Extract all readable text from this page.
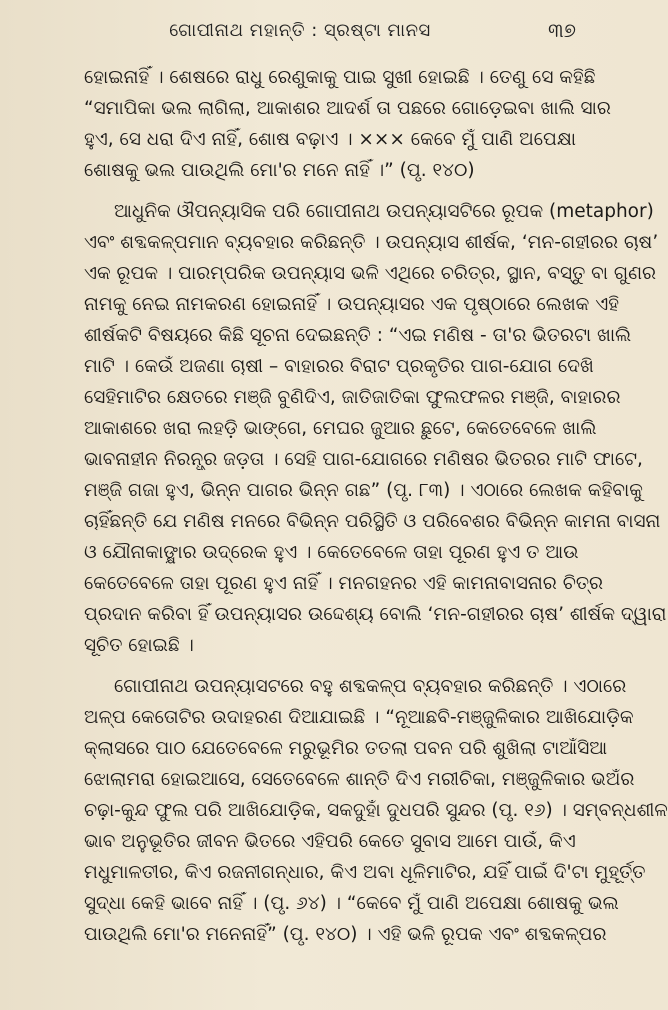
ଗୋପୀନାଥ ମହାନ୍ତି : ସ୍ରଷ୍ଟା ମାନସ	୩୭

ହୋଇନାହିଁ । ଶେଷରେ ରାଧୁ ରେଣୁକାକୁ ପାଇ ସୁଖୀ ହୋଇଛି । ତେଣୁ ସେ କହିଛି
“ସମାପିକା ଭଲ ଲାଗିଲା, ଆକାଶର ଆଦର୍ଶ ତା ପଛରେ ଗୋଡ଼େଇବା ଖାଲି ସାର
ହୁଏ, ସେ ଧରା ଦିଏ ନାହିଁ, ଶୋଷ ବଢ଼ାଏ । ××× କେବେ ମୁଁ ପାଣି ଅପେକ୍ଷା
ଶୋଷକୁ ଭଲ ପାଉଥିଲି ମୋ'ର ମନେ ନାହିଁ ।” (ପୃ. ୧୪୦)

ଆଧୁନିକ ଔପନ୍ୟାସିକ ପରି ଗୋପୀନାଥ ଉପନ୍ୟାସଟିରେ ରୂପକ (metaphor)
ଏବଂ ଶବ୍ଦକଳ୍ପମାନ ବ୍ୟବହାର କରିଛନ୍ତି । ଉପନ୍ୟାସ ଶୀର୍ଷକ, ‘ମନ-ଗହୀରର ଚାଷ’
ଏକ ରୂପକ । ପାରମ୍ପରିକ ଉପନ୍ୟାସ ଭଳି ଏଥିରେ ଚରିତ୍ର, ସ୍ଥାନ, ବସ୍ତୁ ବା ଗୁଣର
ନାମକୁ ନେଇ ନାମକରଣ ହୋଇନାହିଁ । ଉପନ୍ୟାସର ଏକ ପୃଷ୍ଠାରେ ଲେଖକ ଏହି
ଶୀର୍ଷକଟି ବିଷୟରେ କିଛି ସୂଚନା ଦେଇଛନ୍ତି : “ଏଇ ମଣିଷ - ତା'ର ଭିତରଟା ଖାଲି
ମାଟି । କେଉଁ ଅଜଣା ଚାଷୀ – ବାହାରର ବିରାଟ ପ୍ରକୃତିର ପାଗ-ଯୋଗ ଦେଖି
ସେହିମାଟିର କ୍ଷେତରେ ମଞ୍ଜି ବୁଣିଦିଏ, ଜାତିଜାତିକା ଫୁଲଫଳର ମଞ୍ଜି, ବାହାରର
ଆକାଶରେ ଖରା ଲହଡ଼ି ଭାଙ୍ଗେ, ମେଘର ଜୁଆର ଛୁଟେ, କେତେବେଳେ ଖାଲି
ଭାବନାହୀନ ନିରନ୍ଧ୍ର ଜଡ଼ତା । ସେହି ପାଗ-ଯୋଗରେ ମଣିଷର ଭିତରର ମାଟି ଫାଟେ,
ମଞ୍ଜି ଗଜା ହୁଏ, ଭିନ୍ନ ପାଗର ଭିନ୍ନ ଗଛ” (ପୃ. ୮୩) । ଏଠାରେ ଲେଖକ କହିବାକୁ
ଚାହିଁଛନ୍ତି ଯେ ମଣିଷ ମନରେ ବିଭିନ୍ନ ପରିସ୍ଥିତି ଓ ପରିବେଶର ବିଭିନ୍ନ କାମନା ବାସନା
ଓ ଯୌନାକାଙ୍କ୍ଷାର ଉଦ୍ରେକ ହୁଏ । କେତେବେଳେ ତାହା ପୂରଣ ହୁଏ ତ ଆଉ
କେତେବେଳେ ତାହା ପୂରଣ ହୁଏ ନାହିଁ । ମନଗହନର ଏହି କାମନାବାସନାର ଚିତ୍ର
ପ୍ରଦାନ କରିବା ହିଁ ଉପନ୍ୟାସର ଉଦ୍ଦେଶ୍ୟ ବୋଲି ‘ମନ-ଗହୀରର ଚାଷ’ ଶୀର୍ଷକ ଦ୍ୱାରା
ସୂଚିତ ହୋଇଛି ।

ଗୋପୀନାଥ ଉପନ୍ୟାସଟରେ ବହୁ ଶବ୍ଦକଳ୍ପ ବ୍ୟବହାର କରିଛନ୍ତି । ଏଠାରେ
ଅଳ୍ପ କେତୋଟିର ଉଦାହରଣ ଦିଆଯାଇଛି । “ନୂଆଛବି-ମଞ୍ଜୁଳିକାର ଆଖିଯୋଡ଼ିକ
କ୍ଲାସରେ ପାଠ ଯେତେବେଳେ ମରୁଭୂମିର ତତଲା ପବନ ପରି ଶୁଖିଲା ଟାଆଁସିଆ
ଝୋଲାମରା ହୋଇଆସେ, ସେତେବେଳେ ଶାନ୍ତି ଦିଏ ମରୀଚିକା, ମଞ୍ଜୁଳିକାର ଭଅଁର
ଚଢ଼ା-କୁନ୍ଦ ଫୁଲ ପରି ଆଖିଯୋଡ଼ିକ, ସକଦୁହାଁ ଦୁଧପରି ସୁନ୍ଦର (ପୃ. ୧୬) । ସମ୍ବନ୍ଧଶୀଳ
ଭାବ ଅନୁଭୂତିର ଜୀବନ ଭିତରେ ଏହିପରି କେତେ ସୁବାସ ଆମେ ପାଉଁ, କିଏ
ମଧୁମାଳତୀର, କିଏ ରଜନୀଗନ୍ଧାର, କିଏ ଅବା ଧୂଳିମାଟିର, ଯହିଁ ପାଇଁ ଦି'ଟା ମୁହୂର୍ତ୍ତ
ସୁଦ୍ଧା କେହି ଭାବେ ନାହିଁ । (ପୃ. ୬୪) । “କେବେ ମୁଁ ପାଣି ଅପେକ୍ଷା ଶୋଷକୁ ଭଲ
ପାଉଥିଲି ମୋ'ର ମନେନାହିଁ” (ପୃ. ୧୪୦) । ଏହି ଭଳି ରୂପକ ଏବଂ ଶବ୍ଦକଳ୍ପର
